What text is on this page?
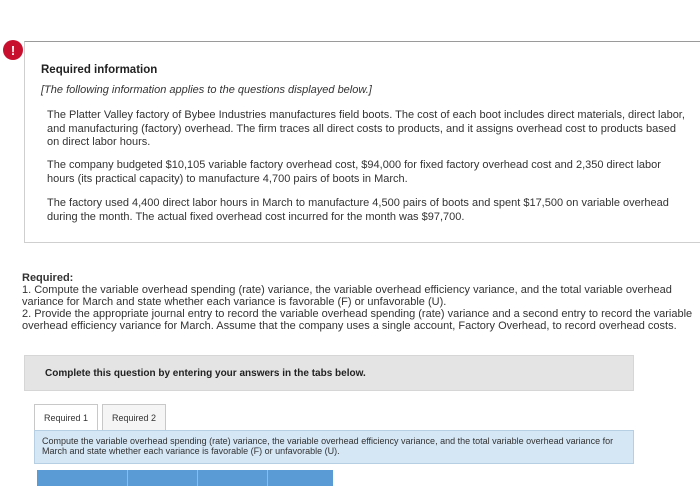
!
Required information
[The following information applies to the questions displayed below.]
The Platter Valley factory of Bybee Industries manufactures field boots. The cost of each boot includes direct materials, direct labor, and manufacturing (factory) overhead. The firm traces all direct costs to products, and it assigns overhead cost to products based on direct labor hours.
The company budgeted $10,105 variable factory overhead cost, $94,000 for fixed factory overhead cost and 2,350 direct labor hours (its practical capacity) to manufacture 4,700 pairs of boots in March.
The factory used 4,400 direct labor hours in March to manufacture 4,500 pairs of boots and spent $17,500 on variable overhead during the month. The actual fixed overhead cost incurred for the month was $97,700.
Required:
1. Compute the variable overhead spending (rate) variance, the variable overhead efficiency variance, and the total variable overhead variance for March and state whether each variance is favorable (F) or unfavorable (U).
2. Provide the appropriate journal entry to record the variable overhead spending (rate) variance and a second entry to record the variable overhead efficiency variance for March. Assume that the company uses a single account, Factory Overhead, to record overhead costs.
Complete this question by entering your answers in the tabs below.
Required 1	Required 2
Compute the variable overhead spending (rate) variance, the variable overhead efficiency variance, and the total variable overhead variance for March and state whether each variance is favorable (F) or unfavorable (U).
